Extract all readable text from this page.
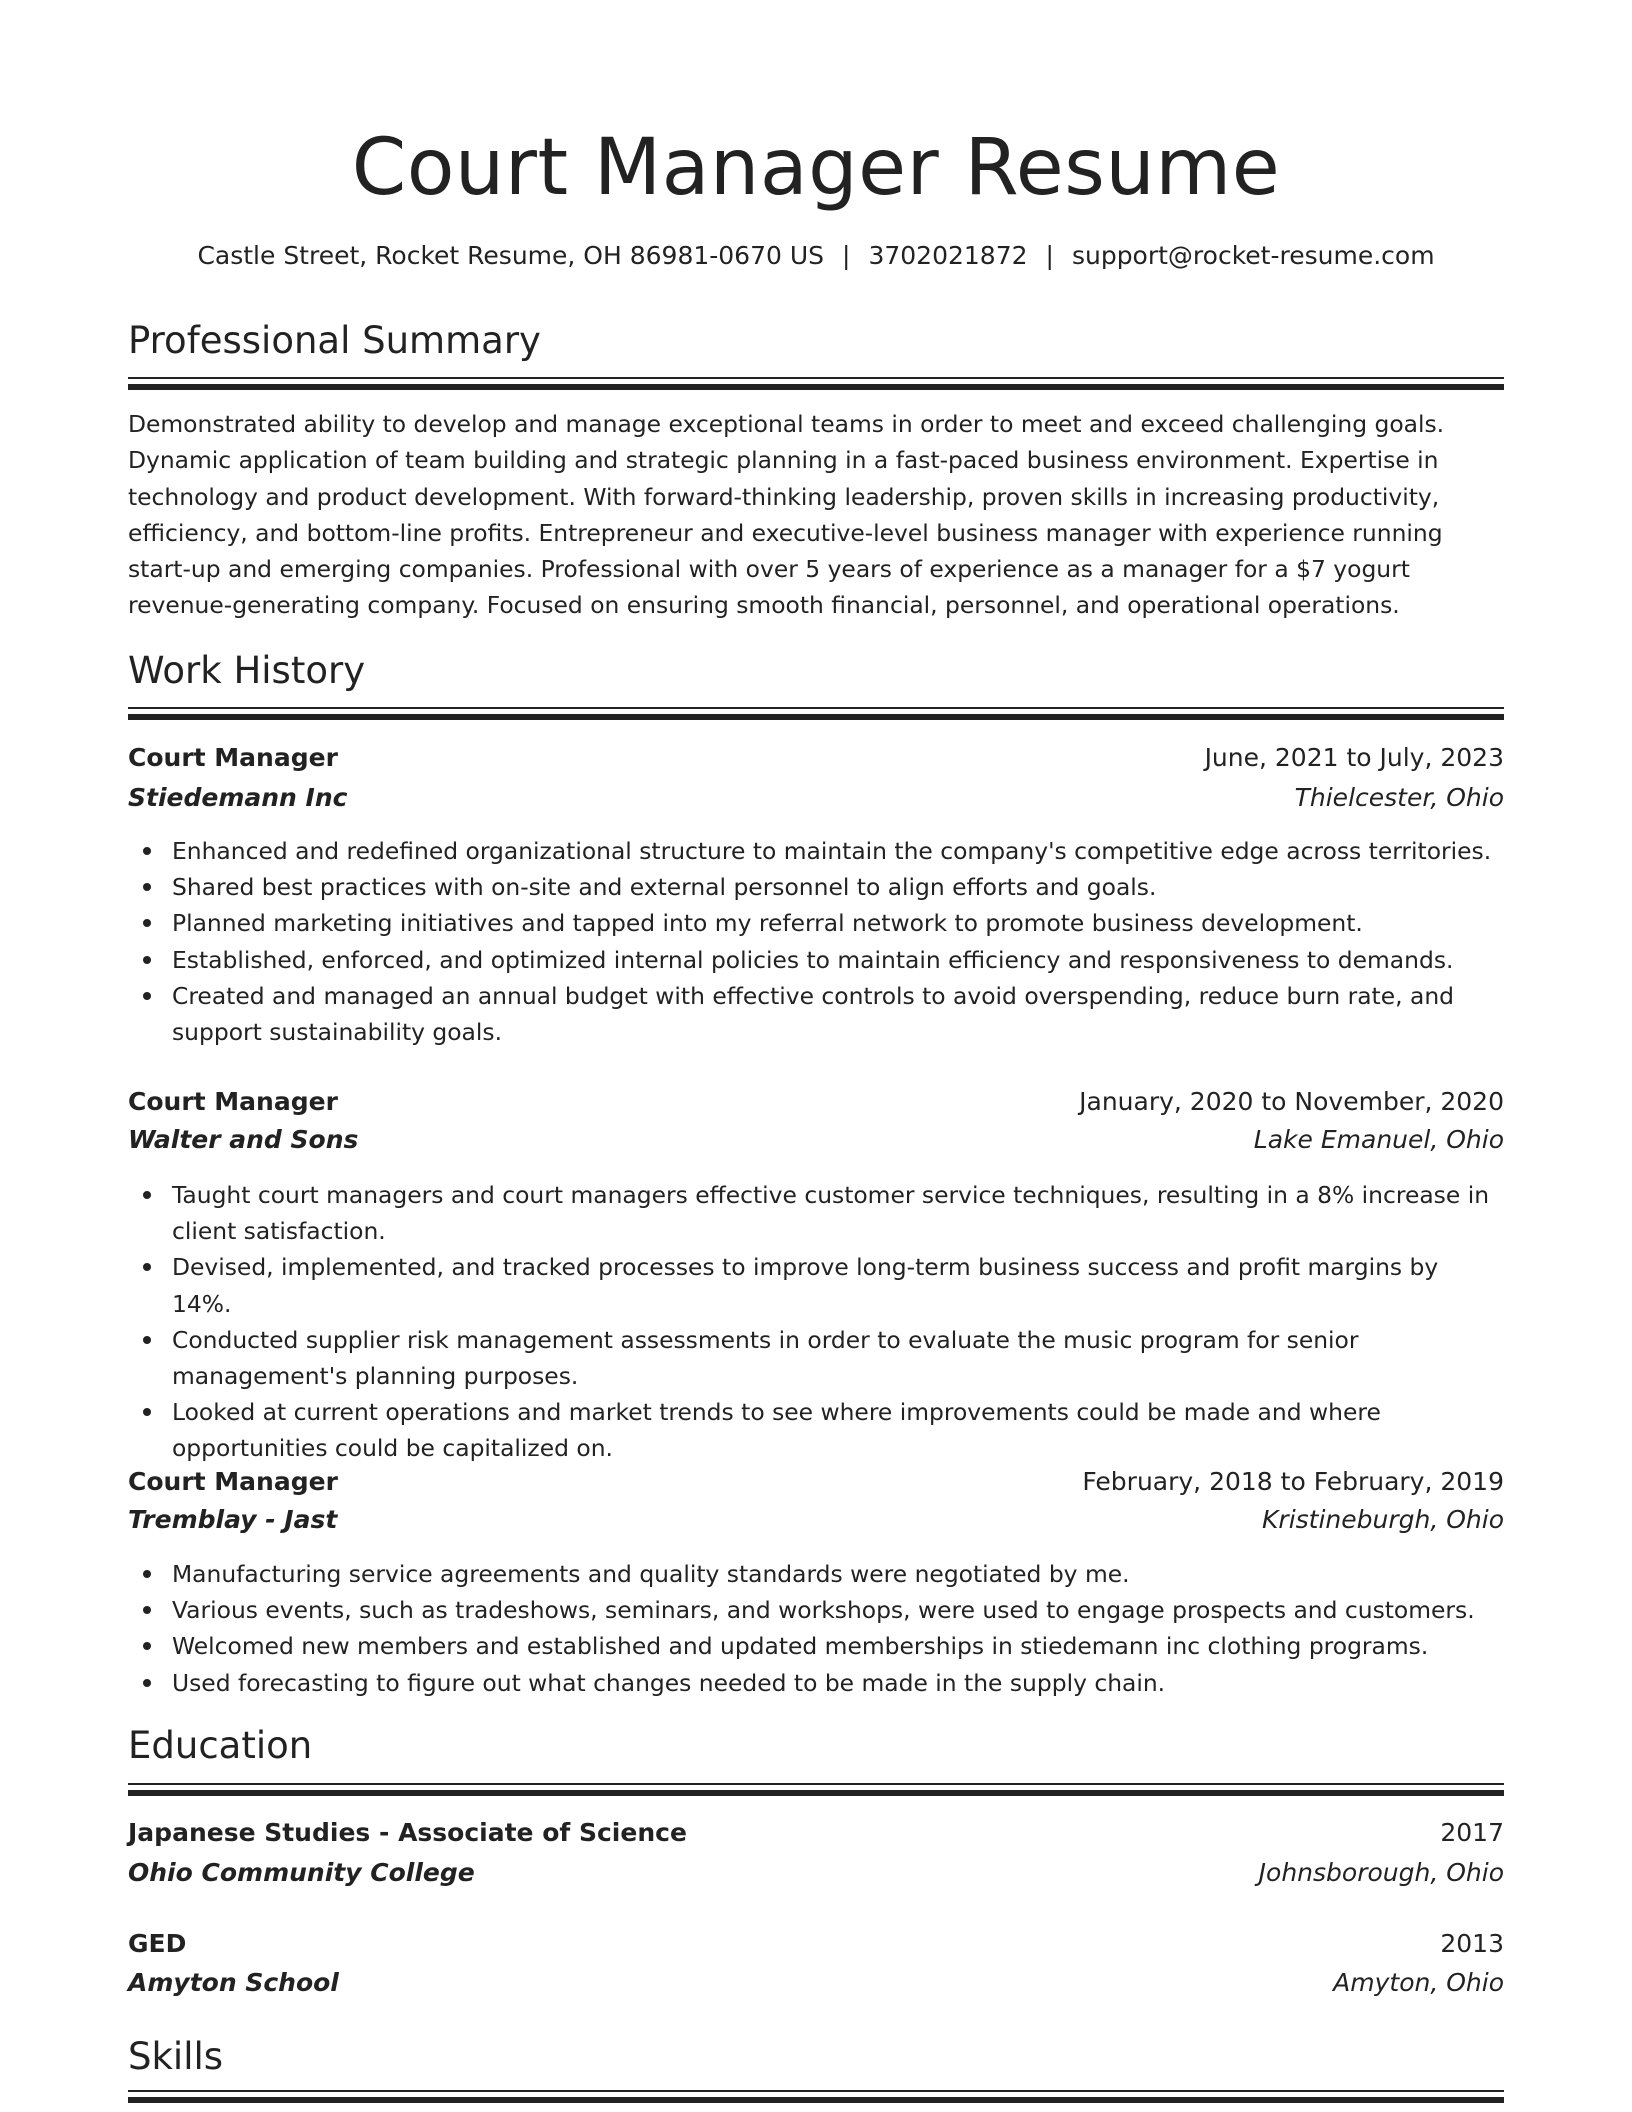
Court Manager Resume
Castle Street, Rocket Resume, OH 86981-0670 US | 3702021872 | support@rocket-resume.com
Professional Summary

Demonstrated ability to develop and manage exceptional teams in order to meet and exceed challenging goals. Dynamic application of team building and strategic planning in a fast-paced business environment. Expertise in technology and product development. With forward-thinking leadership, proven skills in increasing productivity, efficiency, and bottom-line profits. Entrepreneur and executive-level business manager with experience running start-up and emerging companies. Professional with over 5 years of experience as a manager for a $7 yogurt revenue-generating company. Focused on ensuring smooth financial, personnel, and operational operations.

Work History
Court Manager	June, 2021 to July, 2023
Stiedemann Inc	Thielcester, Ohio
Enhanced and redefined organizational structure to maintain the company's competitive edge across territories.
Shared best practices with on-site and external personnel to align efforts and goals.
Planned marketing initiatives and tapped into my referral network to promote business development.
Established, enforced, and optimized internal policies to maintain efficiency and responsiveness to demands.
Created and managed an annual budget with effective controls to avoid overspending, reduce burn rate, and support sustainability goals.
Court Manager	January, 2020 to November, 2020
Walter and Sons	Lake Emanuel, Ohio
Taught court managers and court managers effective customer service techniques, resulting in a 8% increase in client satisfaction.
Devised, implemented, and tracked processes to improve long-term business success and profit margins by 14%.
Conducted supplier risk management assessments in order to evaluate the music program for senior management's planning purposes.
Looked at current operations and market trends to see where improvements could be made and where opportunities could be capitalized on.
Court Manager	February, 2018 to February, 2019
Tremblay - Jast	Kristineburgh, Ohio
Manufacturing service agreements and quality standards were negotiated by me.
Various events, such as tradeshows, seminars, and workshops, were used to engage prospects and customers.
Welcomed new members and established and updated memberships in stiedemann inc clothing programs.
Used forecasting to figure out what changes needed to be made in the supply chain.
Education
Japanese Studies - Associate of Science	2017
Ohio Community College	Johnsborough, Ohio
GED	2013
Amyton School	Amyton, Ohio
Skills
